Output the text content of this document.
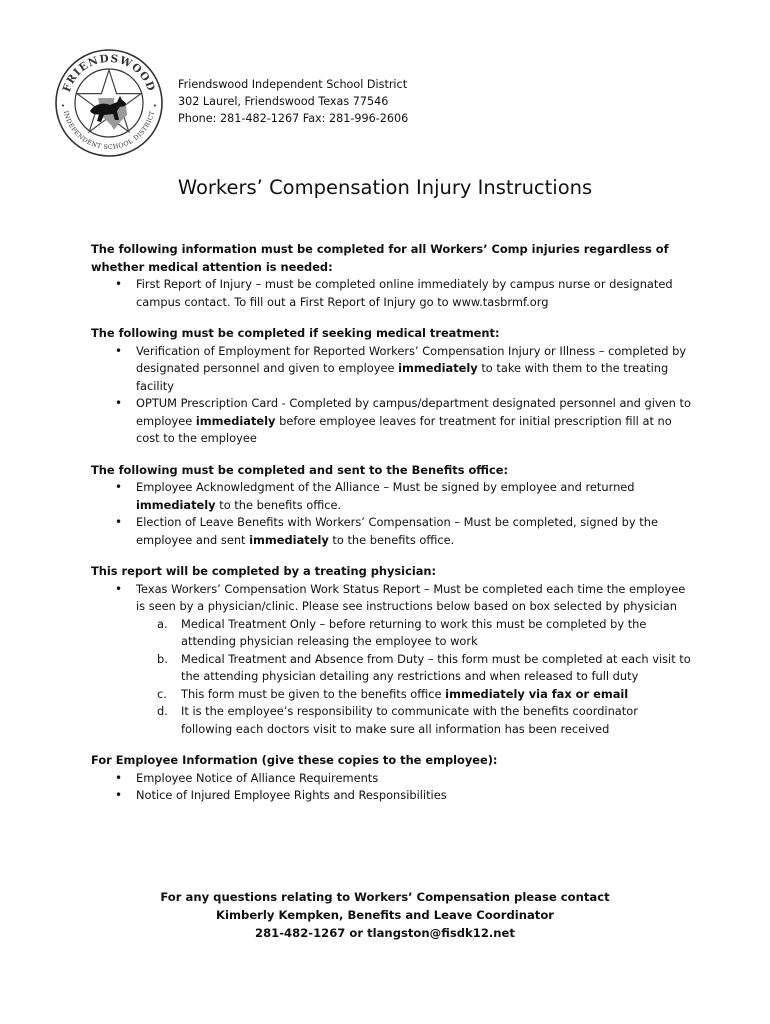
FRIENDSWOOD
INDEPENDENT SCHOOL DISTRICT
•	•
Friendswood Independent School District
302 Laurel, Friendswood Texas 77546
Phone: 281-482-1267 Fax: 281-996-2606
Workers’ Compensation Injury Instructions

The following information must be completed for all Workers’ Comp injuries regardless of whether medical attention is needed:

• First Report of Injury – must be completed online immediately by campus nurse or designated campus contact. To fill out a First Report of Injury go to www.tasbrmf.org

The following must be completed if seeking medical treatment:

• Verification of Employment for Reported Workers’ Compensation Injury or Illness – completed by designated personnel and given to employee immediately to take with them to the treating facility
• OPTUM Prescription Card - Completed by campus/department designated personnel and given to employee immediately before employee leaves for treatment for initial prescription fill at no cost to the employee

The following must be completed and sent to the Benefits office:

• Employee Acknowledgment of the Alliance – Must be signed by employee and returned immediately to the benefits office.
• Election of Leave Benefits with Workers’ Compensation – Must be completed, signed by the employee and sent immediately to the benefits office.

This report will be completed by a treating physician:

• Texas Workers’ Compensation Work Status Report – Must be completed each time the employee is seen by a physician/clinic. Please see instructions below based on box selected by physician
a. Medical Treatment Only – before returning to work this must be completed by the attending physician releasing the employee to work
b. Medical Treatment and Absence from Duty – this form must be completed at each visit to the attending physician detailing any restrictions and when released to full duty
c. This form must be given to the benefits office immediately via fax or email
d. It is the employee’s responsibility to communicate with the benefits coordinator following each doctors visit to make sure all information has been received

For Employee Information (give these copies to the employee):

• Employee Notice of Alliance Requirements
• Notice of Injured Employee Rights and Responsibilities
For any questions relating to Workers’ Compensation please contact
Kimberly Kempken, Benefits and Leave Coordinator
281-482-1267 or tlangston@fisdk12.net
